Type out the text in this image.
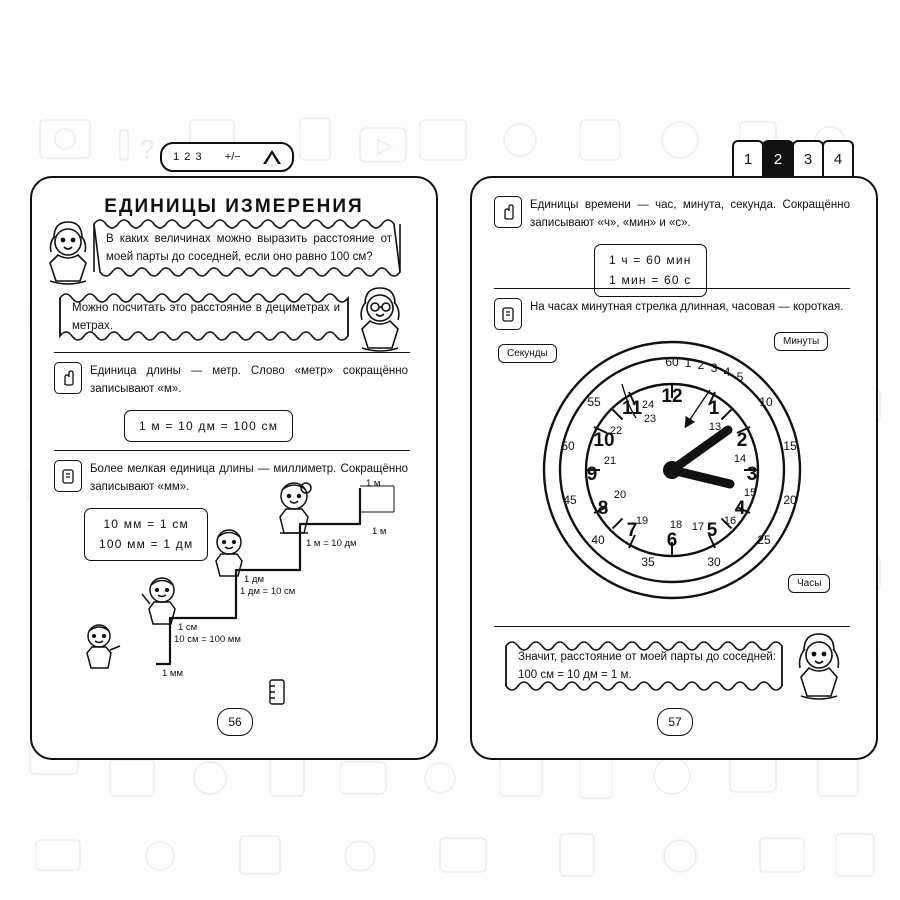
? 1 2 3 +/−	1	2	3	4
ЕДИНИЦЫ ИЗМЕРЕНИЯ
В каких величинах можно выразить расстояние от моей парты до соседней, если оно равно 100 см?
Можно посчитать это расстояние в дециметрах и метрах.
Единица длины — метр. Слово «метр» сокращённо записывают «м».
1 м = 10 дм = 100 см
Более мелкая единица длины — миллиметр. Сокращённо записывают «мм».
10 мм = 1 см
100 мм = 1 дм
1 м
1 м
1 м = 10 дм
1 дм
1 дм = 10 см
1 см
10 см = 100 мм
1 мм
56
Единицы времени — час, минута, секунда. Сокращённо записывают «ч», «мин» и «с».
1 ч = 60 мин
1 мин = 60 с
На часах минутная стрелка длинная, часовая — короткая.
Значит, расстояние от моей парты до соседней: 100 см = 10 дм = 1 м.
57
12
1
2
3
4
5
6
7
8
9
10
11 24
13
14
15
16
17
18
19
20
21
22
23
60 1 2 3 4 5
10
15
20
25
30
35
40
45
50
55
Секунды
Минуты
Часы
